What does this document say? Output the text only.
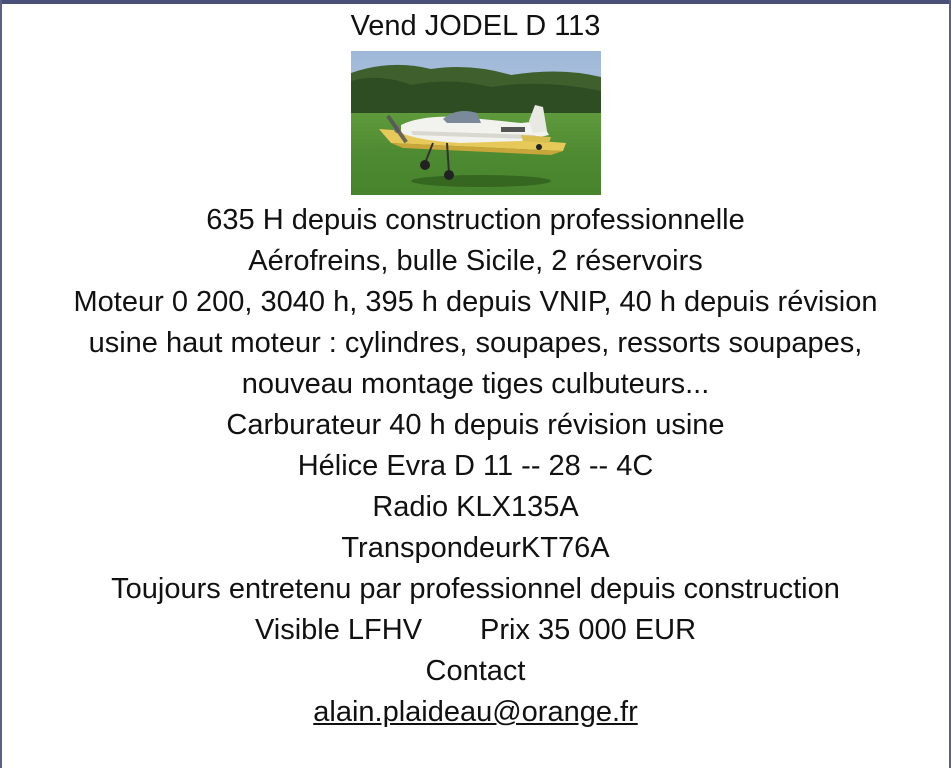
Vend JODEL D 113
635 H depuis construction professionnelle
Aérofreins, bulle Sicile, 2 réservoirs
Moteur 0 200, 3040 h, 395 h depuis VNIP, 40 h depuis révision
usine haut moteur : cylindres, soupapes, ressorts soupapes,
nouveau montage tiges culbuteurs...
Carburateur 40 h depuis révision usine
Hélice Evra D 11 -- 28 -- 4C
Radio KLX135A
TranspondeurKT76A
Toujours entretenu par professionnel depuis construction
Visible LFHV Prix 35 000 EUR
Contact
alain.plaideau@orange.fr
